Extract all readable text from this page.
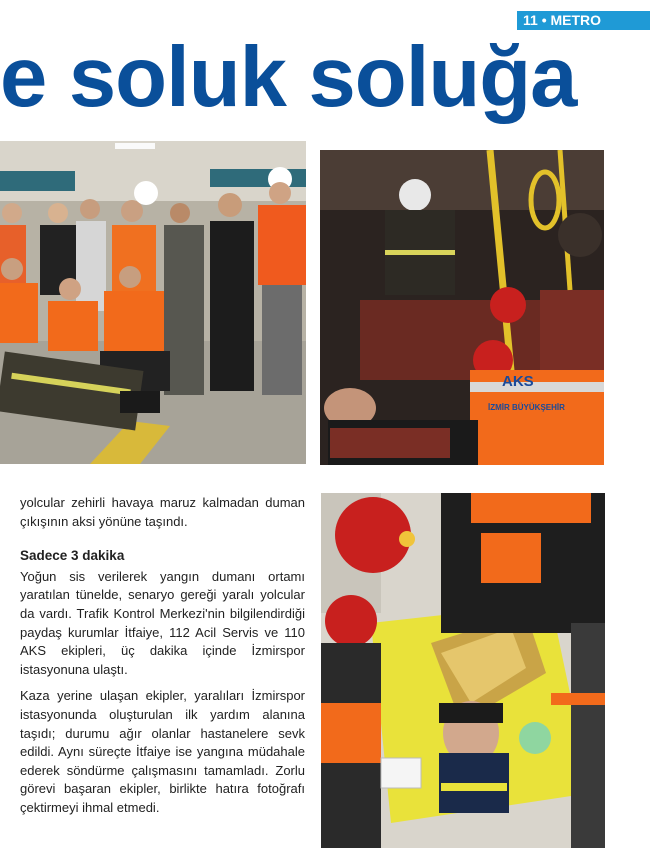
11 • METRO
e soluk soluğa
AKS
İZMİR BÜYÜKŞEHİR

yolcular zehirli havaya maruz kalmadan duman çıkışının aksi yönüne taşındı.

Sadece 3 dakika

Yoğun sis verilerek yangın dumanı ortamı yaratılan tünelde, senaryo gereği yaralı yolcular da vardı. Trafik Kontrol Merkezi'nin bilgilendirdiği paydaş kurumlar İtfaiye, 112 Acil Servis ve 110 AKS ekipleri, üç dakika içinde İzmirspor istasyonuna ulaştı.

Kaza yerine ulaşan ekipler, yaralıları İzmirspor istasyonunda oluşturulan ilk yardım alanına taşıdı; durumu ağır olanlar hastanelere sevk edildi. Aynı süreçte İtfaiye ise yangına müdahale ederek söndürme çalışmasını tamamladı. Zorlu görevi başaran ekipler, birlikte hatıra fotoğrafı çektirmeyi ihmal etmedi.
